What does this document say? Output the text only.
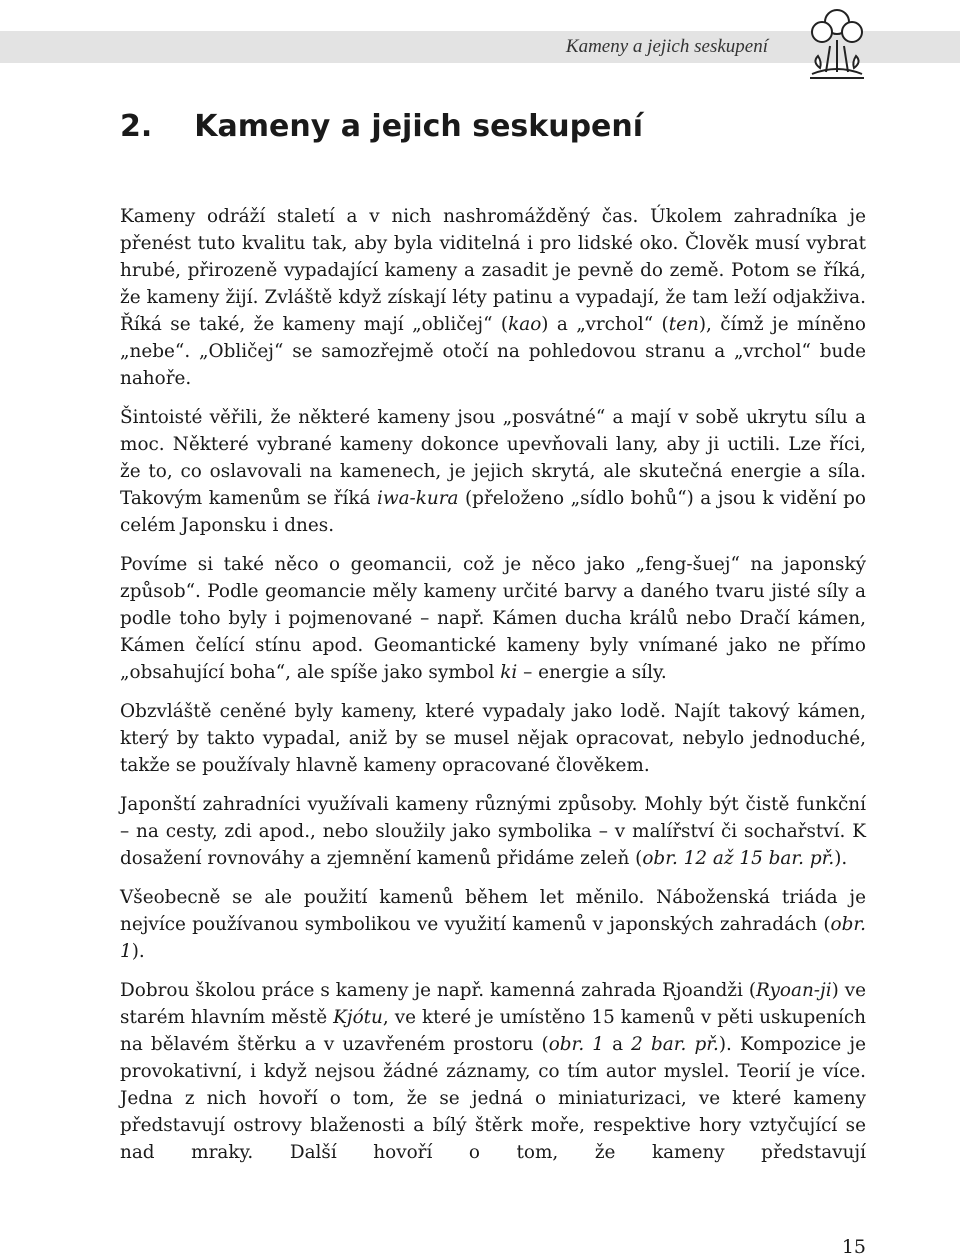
Kameny a jejich seskupení
2. Kameny a jejich seskupení

Kameny odráží staletí a v nich nashromážděný čas. Úkolem zahradníka je přenést tuto kvalitu tak, aby byla viditelná i pro lidské oko. Člověk musí vybrat hrubé, přirozeně vypadající kameny a zasadit je pevně do země. Potom se říká, že kameny žijí. Zvláště když získají léty patinu a vypadají, že tam leží odjakživa. Říká se také, že kameny mají „obličej“ (kao) a „vrchol“ (ten), čímž je míněno „nebe“. „Obličej“ se samozřejmě otočí na pohledovou stranu a „vrchol“ bude nahoře.

Šintoisté věřili, že některé kameny jsou „posvátné“ a mají v sobě ukrytu sílu a moc. Některé vybrané kameny dokonce upevňovali lany, aby ji uctili. Lze říci, že to, co oslavovali na kamenech, je jejich skrytá, ale skutečná energie a síla. Takovým kamenům se říká iwa-kura (přeloženo „sídlo bohů“) a jsou k vidění po celém Japonsku i dnes.

Povíme si také něco o geomancii, což je něco jako „feng-šuej“ na japonský způsob“. Podle geomancie měly kameny určité barvy a daného tvaru jisté síly a podle toho byly i pojmenované – např. Kámen ducha králů nebo Dračí kámen, Kámen čelící stínu apod. Geomantické kameny byly vnímané jako ne přímo „obsahující boha“, ale spíše jako symbol ki – energie a síly.

Obzvláště ceněné byly kameny, které vypadaly jako lodě. Najít takový kámen, který by takto vypadal, aniž by se musel nějak opracovat, nebylo jednoduché, takže se používaly hlavně kameny opracované člověkem.

Japonští zahradníci využívali kameny různými způsoby. Mohly být čistě funkční – na cesty, zdi apod., nebo sloužily jako symbolika – v malířství či sochařství. K dosažení rovnováhy a zjemnění kamenů přidáme zeleň (obr. 12 až 15 bar. př.).

Všeobecně se ale použití kamenů během let měnilo. Náboženská triáda je nejvíce používanou symbolikou ve využití kamenů v japonských zahradách (obr. 1).

Dobrou školou práce s kameny je např. kamenná zahrada Rjoandži (Ryoan-ji) ve starém hlavním městě Kjótu, ve které je umístěno 15 kamenů v pěti uskupeních na bělavém štěrku a v uzavřeném prostoru (obr. 1 a 2 bar. př.). Kompozice je provokativní, i když nejsou žádné záznamy, co tím autor myslel. Teorií je více. Jedna z nich hovoří o tom, že se jedná o miniaturizaci, ve které kameny představují ostrovy blaženosti a bílý štěrk moře, respektive hory vztyčující se nad mraky. Další hovoří o tom, že kameny představují

15
